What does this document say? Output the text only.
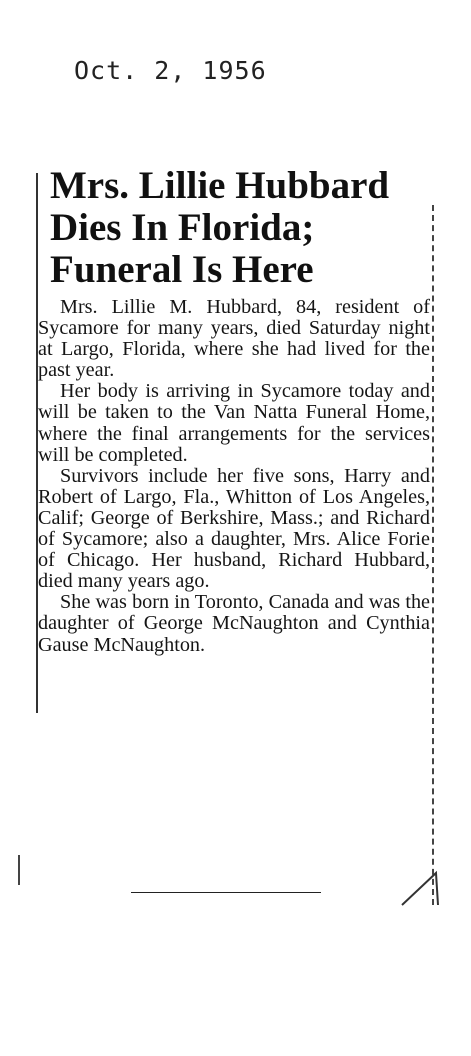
Oct. 2, 1956
Mrs. Lillie Hubbard
Dies In Florida;
Funeral Is Here

Mrs. Lillie M. Hubbard, 84, resident of Sycamore for many years, died Saturday night at Largo, Florida, where she had lived for the past year.

Her body is arriving in Sycamore today and will be taken to the Van Natta Funeral Home, where the final arrangements for the services will be completed.

Survivors include her five sons, Harry and Robert of Largo, Fla., Whitton of Los Angeles, Calif; George of Berkshire, Mass.; and Richard of Sycamore; also a daughter, Mrs. Alice Forie of Chicago. Her husband, Richard Hubbard, died many years ago.

She was born in Toronto, Canada and was the daughter of George McNaughton and Cynthia Gause McNaughton.
